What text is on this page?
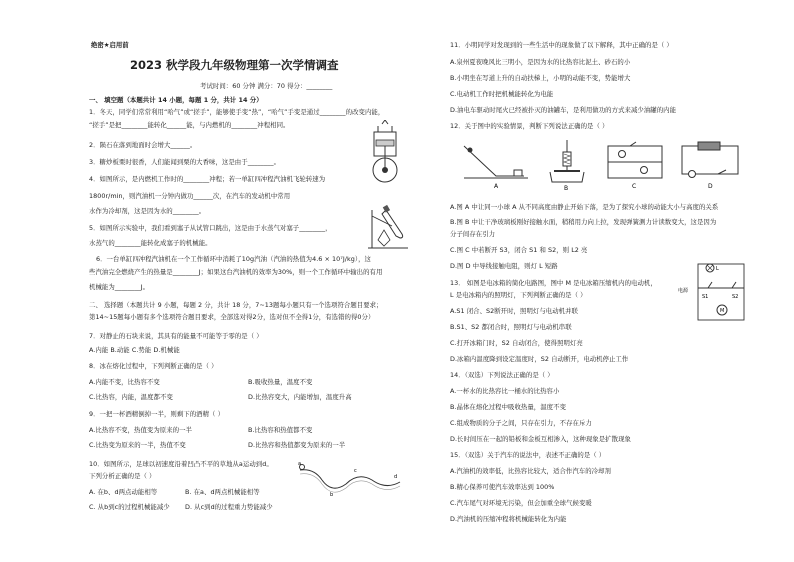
绝密★启用前
2023 秋学段九年级物理第一次学情调查
考试时间：60 分钟 满分：70 得分：________
一、 填空题（本题共计 14 小题，每题 1 分，共计 14 分）
1．冬天，同学们常常利用“哈气”或“搓手”，能够使手变“热”，“哈气”手变是通过________的改变内能，
“搓手”是把________能转化______能，与内燃机的________冲程相同。
2．陨石在落到地面时会增大______。
3．糖炒板栗时很香，人们能闻到栗的大香味，这是由于________。
4．如图所示，是内燃机工作时的________冲程；若一单缸四冲程汽油机飞轮转速为
1800r/min，则汽油机一分钟内做功______次，在汽车的发动机中常用
水作为冷却剂，这是因为水的________。
5．如图所示实验中，我们看到塞子从试管口跳出，这是由于水蒸气对塞子________，
水蒸气的________能转化成塞子的机械能。
6．一台单缸四冲程汽油机在一个工作循环中消耗了10g汽油（汽油的热值为4.6 × 10⁷J/kg），这
些汽油完全燃烧产生的热量是________J；如果这台汽油机的效率为30%，则一个工作循环中输出的有用
机械能为________J。
二、 选择题（本题共计 9 小题，每题 2 分，共计 18 分，7~13题每小题只有一个选项符合题目要求；
第14~15题每小题有多个选项符合题目要求，全部选对得2分，选对但不全得1分，有选错的得0分）
7．对静止的石块来说，其具有的能量不可能等于零的是（ ）
A.内能 B.动能 C.势能 D.机械能
8．冰在熔化过程中，下列判断正确的是（ ）
A.内能不变，比热容不变	B.吸收热量，温度不变
C.比热容，内能，温度都不变	D.比热容变大，内能增加，温度升高
9．一把一杯酒精倒掉一半，则剩下的酒精（ ）
A.比热容不变，热值变为原来的一半	B.比热容和热值都不变
C.比热变为原来的一半，热值不变	D.比热容和热值都变为原来的一半
10．如图所示，足球以初速度沿着凹凸不平的草地从a运动到d。
下列分析正确的是（ ）
A. 在b、d两点动能相等	B. 在a、d两点机械能相等
C. 从b到c的过程机械能减少 D. 从c到d的过程重力势能减少
a
b
c
d
11．小明同学对发现到的一些生活中的现象做了以下解释，其中正确的是（ ）
A.泉州夏夜晚风比三明小，是因为水的比热容比泥土、砂石的小
B.小明坐在写道上升的自动扶梯上，小明的动能不变，势能增大
C.电动机工作时把机械能转化为电能
D.油电车驱动时尾火已经被扑灭的油罐车，是利用做功的方式来减少油罐的内能
12．关于图中的实验情景，判断下列说法正确的是（ ）
A	B	C	D
A.图 A 中让同一小球 A 从不同高度由静止开始下落，是为了探究小球的动能大小与高度的关系
B.图 B 中让干净玻璃板刚好接触水面，稍稍用力向上拉，发现弹簧测力计读数变大，这是因为
分子间存在引力
C.图 C 中若断开 S3，闭合 S1 和 S2，则 L2 亮
D.图 D 中导线接触电阻，则灯 L 短路
13． 如图是电冰箱的简化电路图，图中 M 是电冰箱压缩机内的电动机，
L 是电冰箱内的照明灯，下列判断正确的是（ ）
A.S1 闭合、S2断开时，照明灯与电动机并联
B.S1、S2 都闭合时，照明灯与电动机串联
C.打开冰箱门时，S2 自动闭合，使得照明灯亮
D.冰箱内温度降到设定温度时，S2 自动断开，电动机停止工作
M
L
S1	S2
电源
14．（双选）下列说法正确的是（ ）
A.一杯水的比热容比一桶水的比热容小
B.晶体在熔化过程中吸收热量，温度不变
C.组成物质的分子之间，只存在引力，不存在斥力
D.长时间压在一起的铅板和金板互相渗入，这种现象是扩散现象
15．（双选）关于汽车的说法中，表述不正确的是（ ）
A.汽油机的效率低，比热容比较大，适合作汽车的冷却剂
B.精心保养可使汽车效率达到 100%
C.汽车尾气对环境无污染，但会加重全球气候变暖
D.汽油机的压缩冲程将机械能转化为内能
